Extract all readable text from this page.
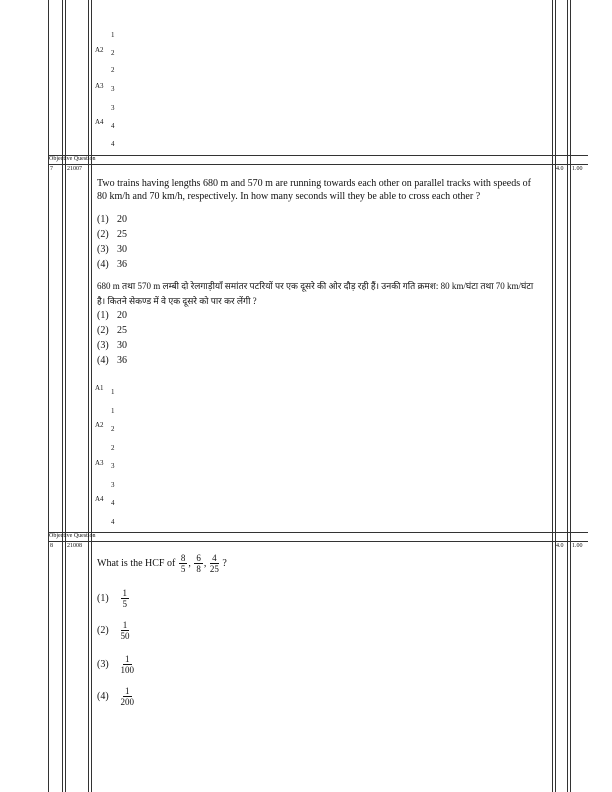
1
A2 2
2
A3 3
3
A4 4
4
Objective Question
7 21007	4.0 1.00
Two trains having lengths 680 m and 570 m are running towards each other on parallel tracks with speeds of 80 km/h and 70 km/h, respectively. In how many seconds will they be able to cross each other ?
(1) 20
(2) 25
(3) 30
(4) 36
680 m तथा 570 m लम्बी दो रेलगाड़ीयाँ समांतर पटरियों पर एक दूसरे की ओर दौड़ रही हैं। उनकी गति क्रमश: 80 km/घंटा तथा 70 km/घंटा है। कितने सेकण्ड में वे एक दूसरे को पार कर लेंगी ?
(1) 20
(2) 25
(3) 30
(4) 36
A1 1
1
A2 2
2
A3 3
3
A4 4
4
Objective Question
8 21008	4.0 1.00
What is the HCF of $\frac{8}{5}$ , $\frac{6}{8}$ , $\frac{4}{25}$ ?
$(1) \frac{1}{5}$
$(2) \frac{1}{50}$
$(3) \frac{1}{100}$
$(4) \frac{1}{200}$
